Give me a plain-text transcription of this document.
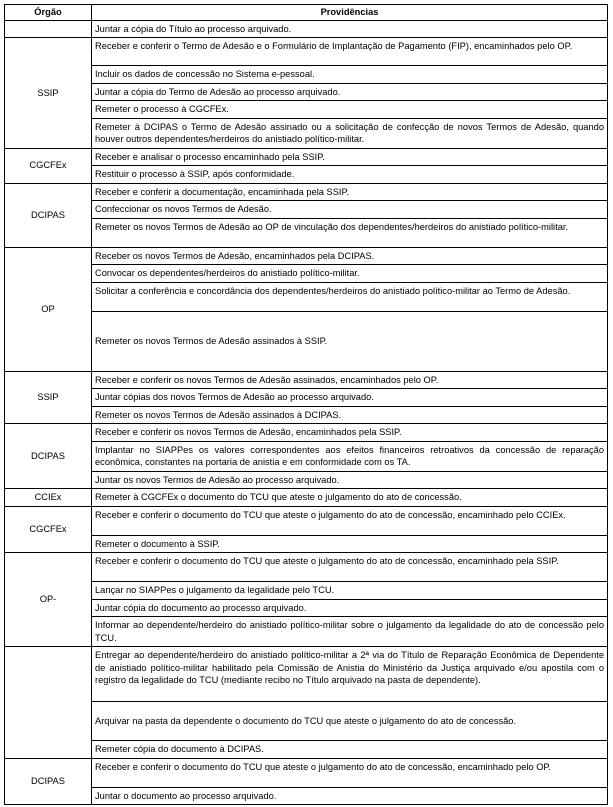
Órgão	Providências
	Juntar a cópia do Título ao processo arquivado.
SSIP	Receber e conferir o Termo de Adesão e o Formulário de Implantação de Pagamento (FIP), encaminhados pelo OP.
	Incluir os dados de concessão no Sistema e-pessoal.
	Juntar a cópia do Termo de Adesão ao processo arquivado.
	Remeter o processo à CGCFEx.
	Remeter à DCIPAS o Termo de Adesão assinado ou a solicitação de confecção de novos Termos de Adesão, quando houver outros dependentes/herdeiros do anistiado político-militar.
CGCFEx	Receber e analisar o processo encaminhado pela SSIP.
	Restituir o processo à SSIP, após conformidade.
DCIPAS	Receber e conferir a documentação, encaminhada pela SSIP.
	Confeccionar os novos Termos de Adesão.
	Remeter os novos Termos de Adesão ao OP de vinculação dos dependentes/herdeiros do anistiado político-militar.
OP	Receber os novos Termos de Adesão, encaminhados pela DCIPAS.
	Convocar os dependentes/herdeiros do anistiado político-militar.
	Solicitar a conferência e concordância dos dependentes/herdeiros do anistiado político-militar ao Termo de Adesão.
	Remeter os novos Termos de Adesão assinados à SSIP.
SSIP	Receber e conferir os novos Termos de Adesão assinados, encaminhados pelo OP.
	Juntar cópias dos novos Termos de Adesão ao processo arquivado.
	Remeter os novos Termos de Adesão assinados à DCIPAS.
DCIPAS	Receber e conferir os novos Termos de Adesão, encaminhados pela SSIP.
	Implantar no SIAPPes os valores correspondentes aos efeitos financeiros retroativos da concessão de reparação econômica, constantes na portaria de anistia e em conformidade com os TA.
	Juntar os novos Termos de Adesão ao processo arquivado.
CCIEx	Remeter à CGCFEx o documento do TCU que ateste o julgamento do ato de concessão.
CGCFEx	Receber e conferir o documento do TCU que ateste o julgamento do ato de concessão, encaminhado pelo CCIEx.
	Remeter o documento à SSIP.
OP-	Receber e conferir o documento do TCU que ateste o julgamento do ato de concessão, encaminhado pela SSIP.
	Lançar no SIAPPes o julgamento da legalidade pelo TCU.
	Juntar cópia do documento ao processo arquivado.
	Informar ao dependente/herdeiro do anistiado político-militar sobre o julgamento da legalidade do ato de concessão pelo TCU.
	Entregar ao dependente/herdeiro do anistiado político-militar a 2ª via do Título de Reparação Econômica de Dependente de anistiado político-militar habilitado pela Comissão de Anistia do Ministério da Justiça arquivado e/ou apostila com o registro da legalidade do TCU (mediante recibo no Título arquivado na pasta de dependente).
	Arquivar na pasta da dependente o documento do TCU que ateste o julgamento do ato de concessão.
	Remeter cópia do documento à DCIPAS.
DCIPAS	Receber e conferir o documento do TCU que ateste o julgamento do ato de concessão, encaminhado pelo OP.
	Juntar o documento ao processo arquivado.
